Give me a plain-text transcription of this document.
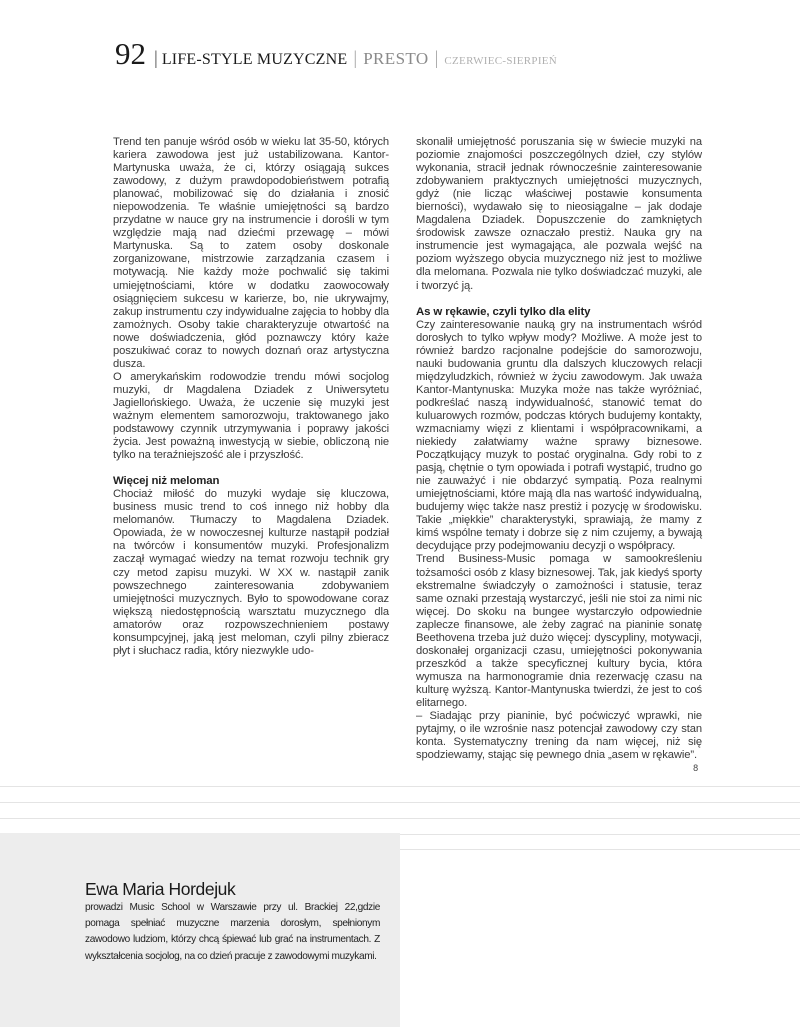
92 | LIFE-STYLE MUZYCZNE | PRESTO | CZERWIEC-SIERPIEŃ

Trend ten panuje wśród osób w wieku lat 35-50, których kariera zawodowa jest już ustabilizowana. Kantor-Martynuska uważa, że ci, którzy osiągają sukces zawodowy, z dużym prawdopodobieństwem potrafią planować, mobilizować się do działania i znosić niepowodzenia. Te właśnie umiejętności są bardzo przydatne w nauce gry na instrumencie i dorośli w tym względzie mają nad dziećmi przewagę – mówi Martynuska. Są to zatem osoby doskonale zorganizowane, mistrzowie zarządzania czasem i motywacją. Nie każdy może pochwalić się takimi umiejętnościami, które w dodatku zaowocowały osiągnięciem sukcesu w karierze, bo, nie ukrywajmy, zakup instrumentu czy indywidualne zajęcia to hobby dla zamożnych. Osoby takie charakteryzuje otwartość na nowe doświadczenia, głód poznawczy który każe poszukiwać coraz to nowych doznań oraz artystyczna dusza.

O amerykańskim rodowodzie trendu mówi socjolog muzyki, dr Magdalena Dziadek z Uniwersytetu Jagiellońskiego. Uważa, że uczenie się muzyki jest ważnym elementem samorozwoju, traktowanego jako podstawowy czynnik utrzymywania i poprawy jakości życia. Jest poważną inwestycją w siebie, obliczoną nie tylko na teraźniejszość ale i przyszłość.

Więcej niż meloman

Chociaż miłość do muzyki wydaje się kluczowa, business music trend to coś innego niż hobby dla melomanów. Tłumaczy to Magdalena Dziadek. Opowiada, że w nowoczesnej kulturze nastąpił podział na twórców i konsumentów muzyki. Profesjonalizm zaczął wymagać wiedzy na temat rozwoju technik gry czy metod zapisu muzyki. W XX w. nastąpił zanik powszechnego zainteresowania zdobywaniem umiejętności muzycznych. Było to spowodowane coraz większą niedostępnością warsztatu muzycznego dla amatorów oraz rozpowszechnieniem postawy konsumpcyjnej, jaką jest meloman, czyli pilny zbieracz płyt i słuchacz radia, który niezwykle udo-

skonalił umiejętność poruszania się w świecie muzyki na poziomie znajomości poszczególnych dzieł, czy stylów wykonania, stracił jednak równocześnie zainteresowanie zdobywaniem praktycznych umiejętności muzycznych, gdyż (nie licząc właściwej postawie konsumenta bierności), wydawało się to nieosiągalne – jak dodaje Magdalena Dziadek. Dopuszczenie do zamkniętych środowisk zawsze oznaczało prestiż. Nauka gry na instrumencie jest wymagająca, ale pozwala wejść na poziom wyższego obycia muzycznego niż jest to możliwe dla melomana. Pozwala nie tylko doświadczać muzyki, ale i tworzyć ją.

As w rękawie, czyli tylko dla elity

Czy zainteresowanie nauką gry na instrumentach wśród dorosłych to tylko wpływ mody? Możliwe. A może jest to również bardzo racjonalne podejście do samorozwoju, nauki budowania gruntu dla dalszych kluczowych relacji międzyludzkich, również w życiu zawodowym. Jak uważa Kantor-Mantynuska: Muzyka może nas także wyróżniać, podkreślać naszą indywidualność, stanowić temat do kuluarowych rozmów, podczas których budujemy kontakty, wzmacniamy więzi z klientami i współpracownikami, a niekiedy załatwiamy ważne sprawy biznesowe. Początkujący muzyk to postać oryginalna. Gdy robi to z pasją, chętnie o tym opowiada i potrafi wystąpić, trudno go nie zauważyć i nie obdarzyć sympatią. Poza realnymi umiejętnościami, które mają dla nas wartość indywidualną, budujemy więc także nasz prestiż i pozycję w środowisku. Takie „miękkie” charakterystyki, sprawiają, że mamy z kimś wspólne tematy i dobrze się z nim czujemy, a bywają decydujące przy podejmowaniu decyzji o współpracy.

Trend Business-Music pomaga w samookreśleniu tożsamości osób z klasy biznesowej. Tak, jak kiedyś sporty ekstremalne świadczyły o zamożności i statusie, teraz same oznaki przestają wystarczyć, jeśli nie stoi za nimi nic więcej. Do skoku na bungee wystarczyło odpowiednie zaplecze finansowe, ale żeby zagrać na pianinie sonatę Beethovena trzeba już dużo więcej: dyscypliny, motywacji, doskonałej organizacji czasu, umiejętności pokonywania przeszkód a także specyficznej kultury bycia, która wymusza na harmonogramie dnia rezerwację czasu na kulturę wyższą. Kantor-Mantynuska twierdzi, że jest to coś elitarnego.

– Siadając przy pianinie, być poćwiczyć wprawki, nie pytajmy, o ile wzrośnie nasz potencjał zawodowy czy stan konta. Systematyczny trening da nam więcej, niż się spodziewamy, stając się pewnego dnia „asem w rękawie”.
8

Ewa Maria Hordejuk
prowadzi Music School w Warszawie przy ul. Brackiej 22,gdzie pomaga spełniać muzyczne marzenia dorosłym, spełnionym zawodowo ludziom, którzy chcą śpiewać lub grać na instrumentach. Z wykształcenia socjolog, na co dzień pracuje z zawodowymi muzykami.
